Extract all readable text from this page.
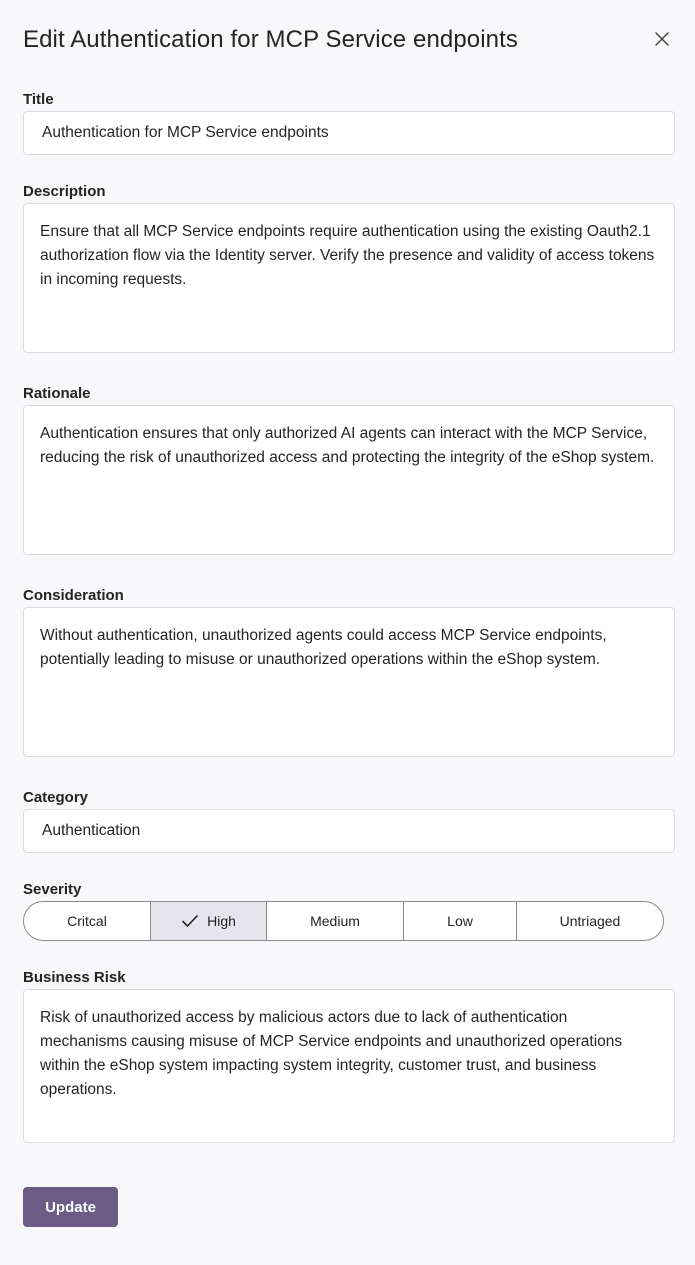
Edit Authentication for MCP Service endpoints
Title
Authentication for MCP Service endpoints
Description
Ensure that all MCP Service endpoints require authentication using the existing Oauth2.1 authorization flow via the Identity server. Verify the presence and validity of access tokens in incoming requests.
Rationale
Authentication ensures that only authorized AI agents can interact with the MCP Service, reducing the risk of unauthorized access and protecting the integrity of the eShop system.
Consideration
Without authentication, unauthorized agents could access MCP Service endpoints, potentially leading to misuse or unauthorized operations within the eShop system.
Category
Authentication
Severity
Critcal	High	Medium	Low	Untriaged
Business Risk
Risk of unauthorized access by malicious actors due to lack of authentication mechanisms causing misuse of MCP Service endpoints and unauthorized operations within the eShop system impacting system integrity, customer trust, and business operations.
Update
